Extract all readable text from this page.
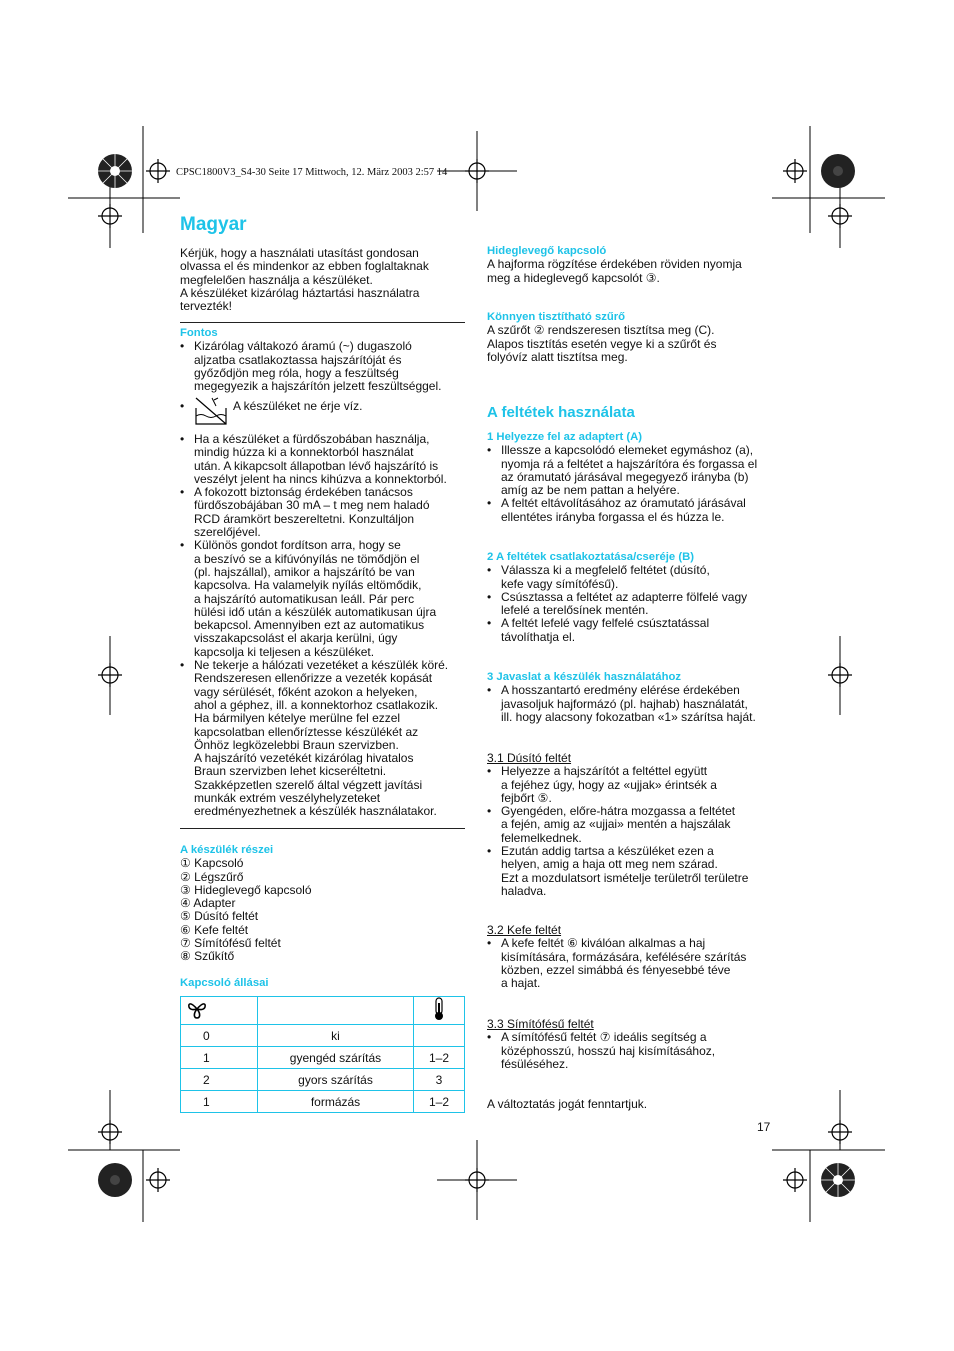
CPSC1800V3_S4-30 Seite 17 Mittwoch, 12. März 2003 2:57 14
Magyar

Kérjük, hogy a használati utasítást gondosan

olvassa el és mindenkor az ebben foglaltaknak

megfelelően használja a készüléket.

A készüléket kizárólag háztartási használatra

tervezték!

Fontos

• Kizárólag váltakozó áramú (~) dugaszoló

aljzatba csatlakoztassa hajszárítóját és

győződjön meg róla, hogy a feszültség

megegyezik a hajszárítón jelzett feszültséggel.

•	A készüléket ne érje víz.

• Ha a készüléket a fürdőszobában használja,

mindig húzza ki a konnektorból használat

után. A kikapcsolt állapotban lévő hajszárító is

veszélyt jelent ha nincs kihúzva a konnektorból.

• A fokozott biztonság érdekében tanácsos

fürdőszobájában 30 mA – t meg nem haladó

RCD áramkört beszereltetni. Konzultáljon

szerelőjével.

• Különös gondot fordítson arra, hogy se

a beszívó se a kifúvónyílás ne tömődjön el

(pl. hajszállal), amikor a hajszárító be van

kapcsolva. Ha valamelyik nyílás eltömődik,

a hajszárító automatikusan leáll. Pár perc

hülési idő után a készülék automatikusan újra

bekapcsol. Amennyiben ezt az automatikus

visszakapcsolást el akarja kerülni, úgy

kapcsolja ki teljesen a készüléket.

• Ne tekerje a hálózati vezetéket a készülék köré.

Rendszeresen ellenőrizze a vezeték kopását

vagy sérülését, főként azokon a helyeken,

ahol a géphez, ill. a konnektorhoz csatlakozik.

Ha bármilyen kételye merülne fel ezzel

kapcsolatban ellenőríztesse készülékét az

Önhöz legközelebbi Braun szervizben.

A hajszárító vezetékét kizárólag hivatalos

Braun szervizben lehet kicseréltetni.

Szakképzetlen szerelő által végzett javítási

munkák extrém veszélyhelyzeteket

eredményezhetnek a készülék használatakor.

A készülék részei

① Kapcsoló
② Légszűrő
③ Hideglevegő kapcsoló
④ Adapter
⑤ Dúsító feltét
⑥ Kefe feltét
⑦ Símítófésű feltét
⑧ Szűkítő

Kapcsoló állásai

0	ki	
1	gyengéd szárítás	1–2
2	gyors szárítás	3
1	formázás	1–2

Hideglevegő kapcsoló

A hajforma rögzítése érdekében röviden nyomja

meg a hideglevegő kapcsolót ③.

Könnyen tisztítható szűrő

A szűrőt ② rendszeresen tisztítsa meg (C).

Alapos tisztítás esetén vegye ki a szűrőt és

folyóvíz alatt tisztítsa meg.

A feltétek használata

1 Helyezze fel az adaptert (A)

• Illessze a kapcsolódó elemeket egymáshoz (a),

nyomja rá a feltétet a hajszárítóra és forgassa el

az óramutató járásával megegyező irányba (b)

amíg az be nem pattan a helyére.

• A feltét eltávolításához az óramutató járásával

ellentétes irányba forgassa el és húzza le.

2 A feltétek csatlakoztatása/cseréje (B)

• Válassza ki a megfelelő feltétet (dúsító,

kefe vagy símítófésű).

• Csúsztassa a feltétet az adapterre fölfelé vagy

lefelé a terelősínek mentén.

• A feltét lefelé vagy felfelé csúsztatással

távolíthatja el.

3 Javaslat a készülék használatához

• A hosszantartó eredmény elérése érdekében

javasoljuk hajformázó (pl. hajhab) használatát,

ill. hogy alacsony fokozatban «1» szárítsa haját.

3.1 Dúsító feltét

• Helyezze a hajszárítót a feltéttel együtt

a fejéhez úgy, hogy az «ujjak» érintsék a

fejbőrt ⑤.

• Gyengéden, előre-hátra mozgassa a feltétet

a fején, amig az «ujjai» mentén a hajszálak

felemelkednek.

• Ezután addig tartsa a készüléket ezen a

helyen, amig a haja ott meg nem szárad.

Ezt a mozdulatsort ismételje területről területre

haladva.

3.2 Kefe feltét

• A kefe feltét ⑥ kiválóan alkalmas a haj

kisímítására, formázására, kefélésére szárítás

közben, ezzel simábbá és fényesebbé téve

a hajat.

3.3 Símítófésű feltét

• A símítófésű feltét ⑦ ideális segítség a

középhosszú, hosszú haj kisímításához,

fésüléséhez.

A változtatás jogát fenntartjuk.

17
